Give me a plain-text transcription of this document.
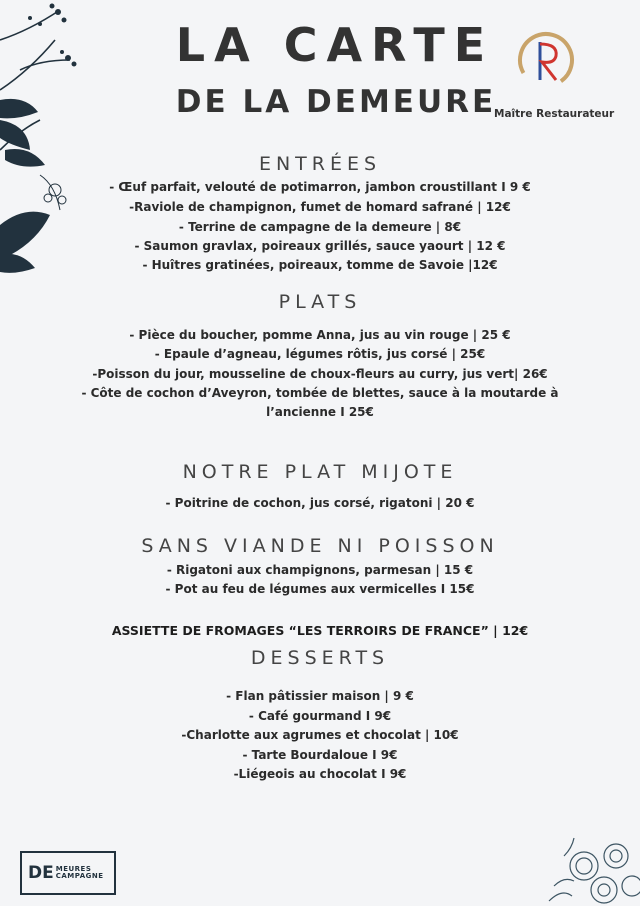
LA CARTE
DE LA DEMEURE
Maître Restaurateur
ENTRÉES
- Œuf parfait, velouté de potimarron, jambon croustillant I 9 €
-Raviole de champignon, fumet de homard safrané | 12€
- Terrine de campagne de la demeure | 8€
- Saumon gravlax, poireaux grillés, sauce yaourt | 12 €
- Huîtres gratinées, poireaux, tomme de Savoie |12€
PLATS
- Pièce du boucher, pomme Anna, jus au vin rouge | 25 €
- Epaule d’agneau, légumes rôtis, jus corsé | 25€
-Poisson du jour, mousseline de choux-fleurs au curry, jus vert| 26€
- Côte de cochon d’Aveyron, tombée de blettes, sauce à la moutarde à
l’ancienne I 25€
NOTRE PLAT MIJOTE
- Poitrine de cochon, jus corsé, rigatoni | 20 €
SANS VIANDE NI POISSON
- Rigatoni aux champignons, parmesan | 15 €
- Pot au feu de légumes aux vermicelles I 15€
ASSIETTE DE FROMAGES “LES TERROIRS DE FRANCE” | 12€
DESSERTS
- Flan pâtissier maison | 9 €
- Café gourmand I 9€
-Charlotte aux agrumes et chocolat | 10€
- Tarte Bourdaloue I 9€
-Liégeois au chocolat I 9€
DE MEURES
CAMPAGNE
